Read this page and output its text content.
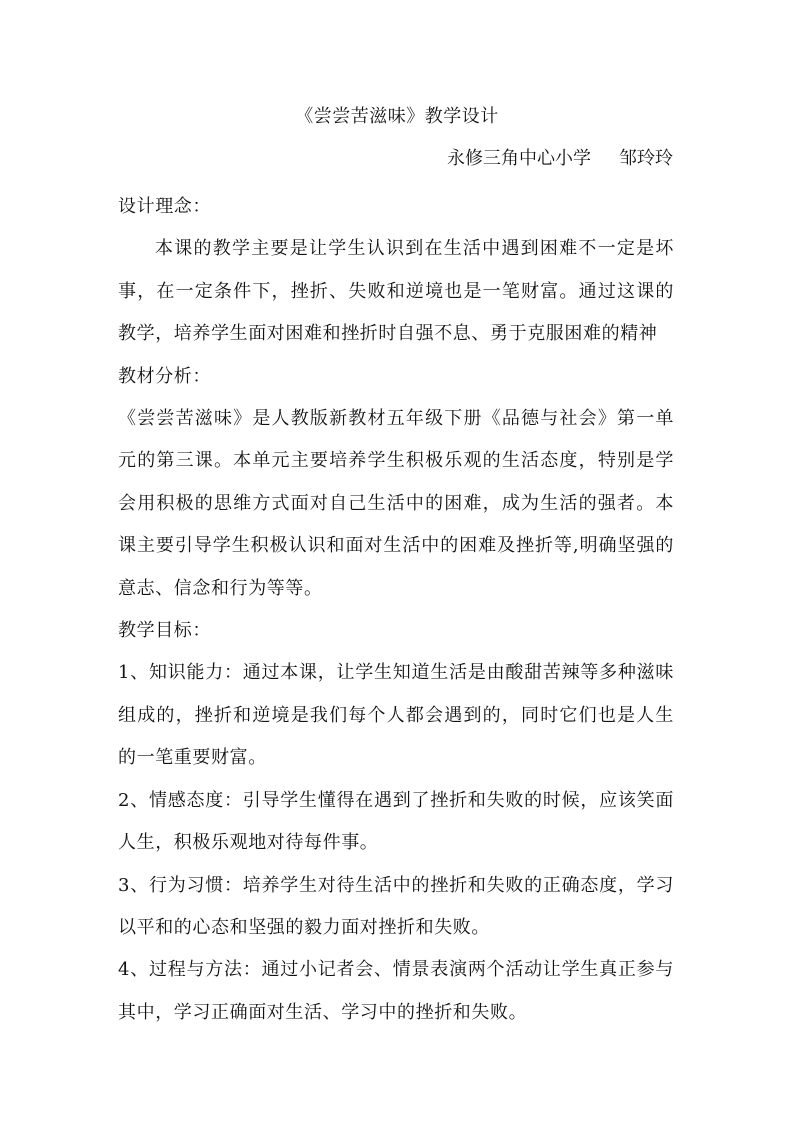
《尝尝苦滋味》教学设计
永修三角中心小学 邹玲玲

设计理念：

本课的教学主要是让学生认识到在生活中遇到困难不一定是坏事，在一定条件下，挫折、失败和逆境也是一笔财富。通过这课的教学，培养学生面对困难和挫折时自强不息、勇于克服困难的精神

教材分析：

《尝尝苦滋味》是人教版新教材五年级下册《品德与社会》第一单元的第三课。本单元主要培养学生积极乐观的生活态度，特别是学会用积极的思维方式面对自己生活中的困难，成为生活的强者。本课主要引导学生积极认识和面对生活中的困难及挫折等,明确坚强的意志、信念和行为等等。

教学目标：

1、知识能力：通过本课，让学生知道生活是由酸甜苦辣等多种滋味组成的，挫折和逆境是我们每个人都会遇到的，同时它们也是人生的一笔重要财富。

2、情感态度：引导学生懂得在遇到了挫折和失败的时候，应该笑面人生，积极乐观地对待每件事。

3、行为习惯：培养学生对待生活中的挫折和失败的正确态度，学习以平和的心态和坚强的毅力面对挫折和失败。

4、过程与方法：通过小记者会、情景表演两个活动让学生真正参与其中，学习正确面对生活、学习中的挫折和失败。
